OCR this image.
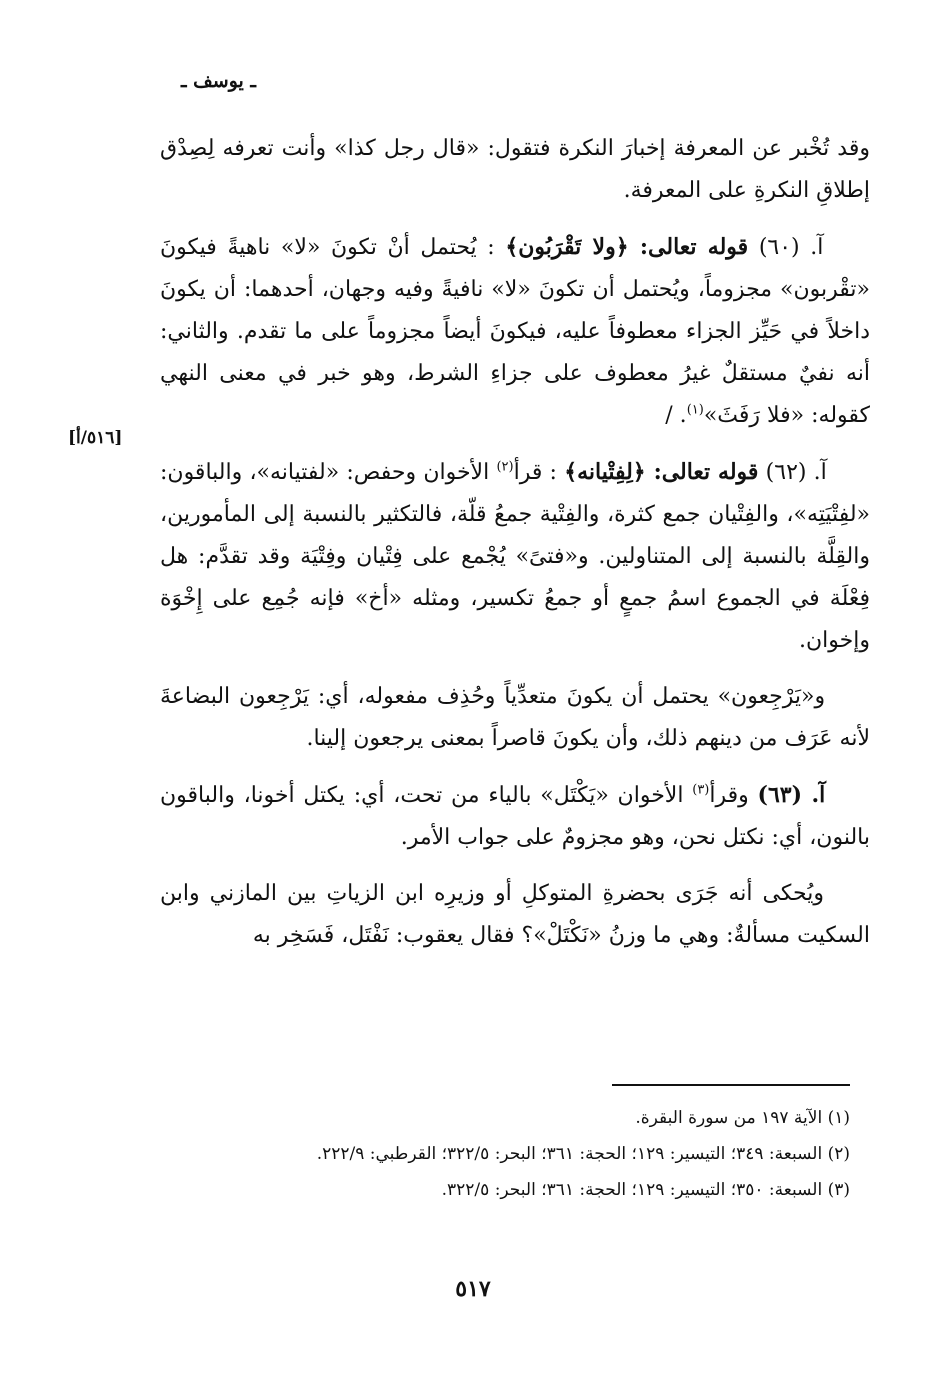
ـ يوسف ـ
[٥١٦/أ]

وقد تُخْبر عن المعرفة إخبارَ النكرة فتقول: «قال رجل كذا» وأنت تعرفه لِصِدْق إطلاقِ النكرةِ على المعرفة.

آ. (٦٠) قوله تعالى: ﴿ولا تَقْرَبُون﴾ : يُحتمل أنْ تكونَ «لا» ناهيةً فيكونَ «تقْربون» مجزوماً، ويُحتمل أن تكونَ «لا» نافيةً وفيه وجهان، أحدهما: أن يكونَ داخلاً في حَيِّز الجزاء معطوفاً عليه، فيكونَ أيضاً مجزوماً على ما تقدم. والثاني: أنه نفيٌ مستقلٌ غيرُ معطوف على جزاءِ الشرط، وهو خبر في معنى النهي كقوله: «فلا رَفَثَ»$^{(١)}$. /

آ. (٦٢) قوله تعالى: ﴿لِفِتْيانه﴾ : قرأ$^{(٢)}$ الأخوان وحفص: «لفتيانه»، والباقون: «لفِتْيَتِه»، والفِتْيان جمع كثرة، والفِتْية جمعُ قلّة، فالتكثير بالنسبة إلى المأمورين، والقِلَّة بالنسبة إلى المتناولين. و«فتىً» يُجْمع على فِتْيان وفِتْيَة وقد تقدَّم: هل فِعْلَة في الجموع اسمُ جمعٍ أو جمعُ تكسير، ومثله «أخ» فإنه جُمِع على إِخْوَة وإخوان.

و«يَرْجِعون» يحتمل أن يكونَ متعدِّياً وحُذِف مفعوله، أي: يَرْجِعون البضاعةَ لأنه عَرَف من دينهم ذلك، وأن يكونَ قاصراً بمعنى يرجعون إلينا.

آ. (٦٣) وقرأ$^{(٣)}$ الأخوان «يَكْتَل» بالياء من تحت، أي: يكتل أخونا، والباقون بالنون، أي: نكتل نحن، وهو مجزومٌ على جواب الأمر.

ويُحكى أنه جَرَى بحضرةِ المتوكلِ أو وزيرِه ابن الزياتِ بين المازني وابن السكيت مسألةٌ: وهي ما وزنُ «نَكْتَلْ»؟ فقال يعقوب: نَفْتَل، فَسَخِر به

(١) الآية ١٩٧ من سورة البقرة.
(٢) السبعة: ٣٤٩؛ التيسير: ١٢٩؛ الحجة: ٣٦١؛ البحر: ٣٢٢/٥؛ القرطبي: ٢٢٢/٩.
(٣) السبعة: ٣٥٠؛ التيسير: ١٢٩؛ الحجة: ٣٦١؛ البحر: ٣٢٢/٥.
٥١٧
